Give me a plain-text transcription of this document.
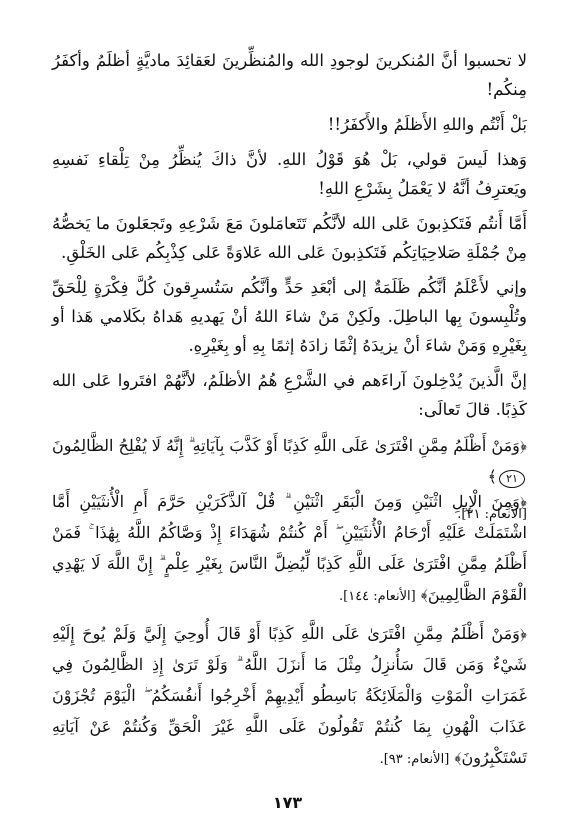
لا تحسبوا أنَّ المُنكرينَ لوجودِ الله والمُنظِّرينَ لعَقائِدَ ماديَّةٍ أظلَمُ وأكفَرُ مِنكُم!

بَلْ أَنْتُم واللهِ الأَظلَمُ والأَكفَرُ!!

وَهذا لَيسَ قولي، بَلْ هُوَ قَوْلُ اللهِ. لأنَّ ذاكَ يُنظِّرُ مِنْ تِلْقاءِ نَفسِهِ ويَعترِفُ أنَّهُ لا يَعْمَلُ بِشَرْعِ اللهِ!

أَمَّا أَنتُم فَتَكذِبونَ عَلى الله لأنَّكُم تَتَعامَلونَ مَعَ شَرْعِهِ وتَجعَلونَ ما يَخصُّهُ مِنْ جُمْلَةِ صَلاحِيَاتِكُم فَتَكذِبونَ عَلى الله عَلاوَةً عَلى كِذْبِكُم عَلى الخَلْقِ.

وإني لأَعْلَمُ أنَّكُم ظَلَمَةٌ إلى أبْعَدِ حَدٍّ وأنَّكُم سَتُسرِقونَ كُلَّ فِكْرَةٍ لِلْحَقِّ وتُلْبِسونَ بِها الباطِلَ. ولَكِنْ مَنْ شاءَ اللهُ أنْ يَهديهِ هَداهُ بكَلامي هَذا أو بِغَيْرِهِ وَمَنْ شاءَ أنْ يزيدَهُ إثْمًا زادَهُ إثمًا بِهِ أو بِغَيْرِهِ.

إنَّ الَّذينَ يُدْخِلونَ آراءَهم في الشَّرْعِ هُمُ الأظلَمُ، لأنَّهُمْ افتَروا عَلى الله كَذِبًا. قالَ تَعالَى:

﴿وَمَنْ أَظْلَمُ مِمَّنِ افْتَرَىٰ عَلَى اللَّهِ كَذِبًا أَوْ كَذَّبَ بِآيَاتِهِ ۗ إِنَّهُ لَا يُفْلِحُ الظَّالِمُونَ ٢١﴾

[الأنعام: ٢١].

﴿وَمِنَ الْإِبِلِ اثْنَيْنِ وَمِنَ الْبَقَرِ اثْنَيْنِ ۗ قُلْ آلذَّكَرَيْنِ حَرَّمَ أَمِ الْأُنثَيَيْنِ أَمَّا اشْتَمَلَتْ عَلَيْهِ أَرْحَامُ الْأُنثَيَيْنِ ۖ أَمْ كُنتُمْ شُهَدَاءَ إِذْ وَصَّاكُمُ اللَّهُ بِهَٰذَا ۚ فَمَنْ أَظْلَمُ مِمَّنِ افْتَرَىٰ عَلَى اللَّهِ كَذِبًا لِّيُضِلَّ النَّاسَ بِغَيْرِ عِلْمٍ ۗ إِنَّ اللَّهَ لَا يَهْدِي الْقَوْمَ الظَّالِمِينَ﴾ [الأنعام: ١٤٤].

﴿وَمَنْ أَظْلَمُ مِمَّنِ افْتَرَىٰ عَلَى اللَّهِ كَذِبًا أَوْ قَالَ أُوحِيَ إِلَيَّ وَلَمْ يُوحَ إِلَيْهِ شَيْءٌ وَمَن قَالَ سَأُنزِلُ مِثْلَ مَا أَنزَلَ اللَّهُ ۗ وَلَوْ تَرَىٰ إِذِ الظَّالِمُونَ فِي غَمَرَاتِ الْمَوْتِ وَالْمَلَائِكَةُ بَاسِطُو أَيْدِيهِمْ أَخْرِجُوا أَنفُسَكُمُ ۖ الْيَوْمَ تُجْزَوْنَ عَذَابَ الْهُونِ بِمَا كُنتُمْ تَقُولُونَ عَلَى اللَّهِ غَيْرَ الْحَقِّ وَكُنتُمْ عَنْ آيَاتِهِ تَسْتَكْبِرُونَ﴾ [الأنعام: ٩٣].

١٧٣
